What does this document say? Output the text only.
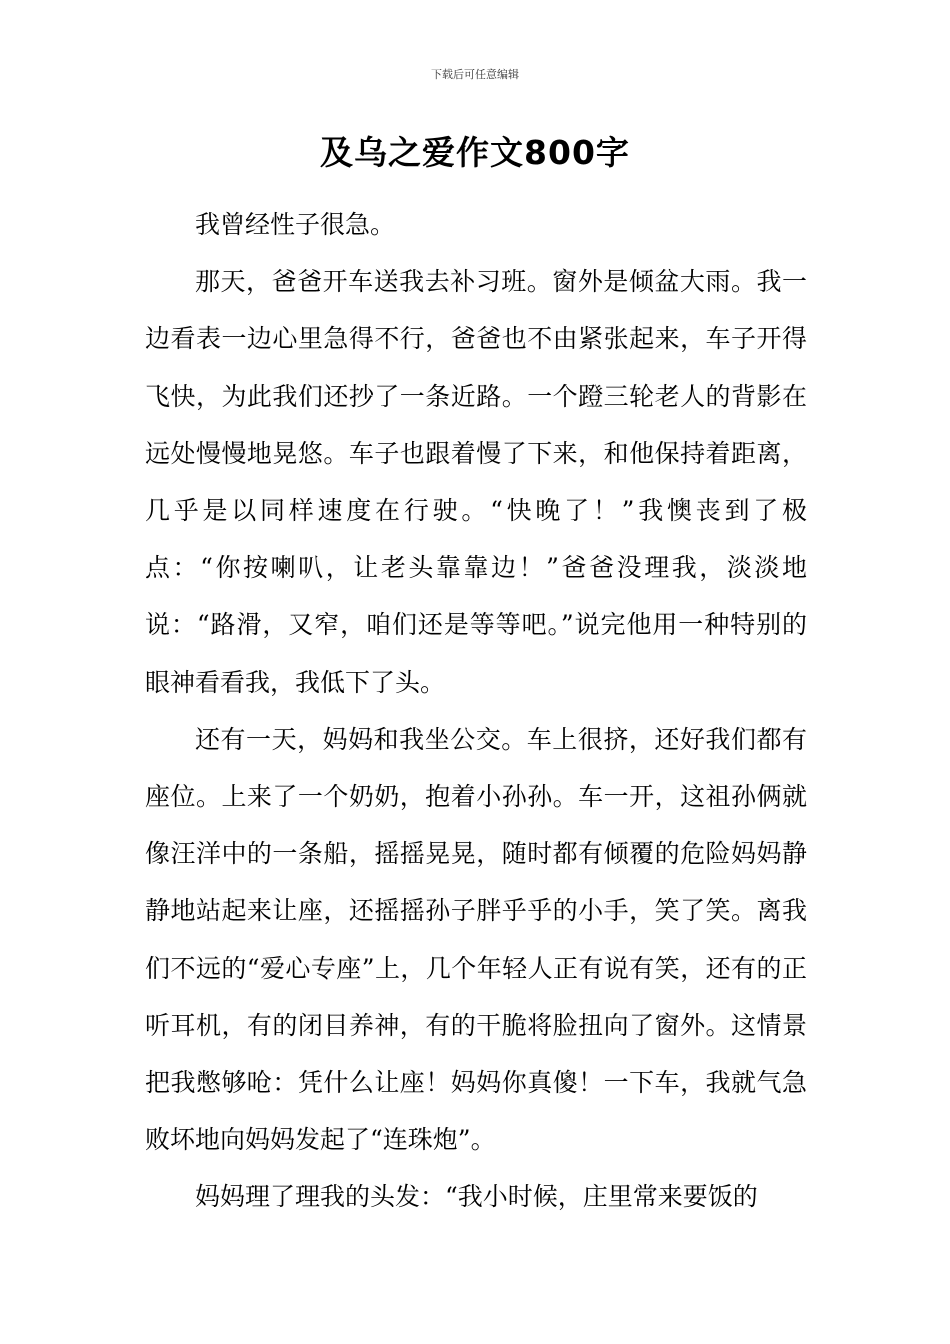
下载后可任意编辑
及乌之爱作文800字

我曾经性子很急。

那天，爸爸开车送我去补习班。窗外是倾盆大雨。我一边看表一边心里急得不行，爸爸也不由紧张起来，车子开得飞快，为此我们还抄了一条近路。一个蹬三轮老人的背影在远处慢慢地晃悠。车子也跟着慢了下来，和他保持着距离，几乎是以同样速度在行驶。“快晚了！”我懊丧到了极点：“你按喇叭，让老头靠靠边！”爸爸没理我，淡淡地说：“路滑，又窄，咱们还是等等吧。”说完他用一种特别的眼神看看我，我低下了头。

还有一天，妈妈和我坐公交。车上很挤，还好我们都有座位。上来了一个奶奶，抱着小孙孙。车一开，这祖孙俩就像汪洋中的一条船，摇摇晃晃，随时都有倾覆的危险妈妈静静地站起来让座，还摇摇孙子胖乎乎的小手，笑了笑。离我们不远的“爱心专座”上，几个年轻人正有说有笑，还有的正听耳机，有的闭目养神，有的干脆将脸扭向了窗外。这情景把我憋够呛：凭什么让座！妈妈你真傻！一下车，我就气急败坏地向妈妈发起了“连珠炮”。

妈妈理了理我的头发：“我小时候，庄里常来要饭的
